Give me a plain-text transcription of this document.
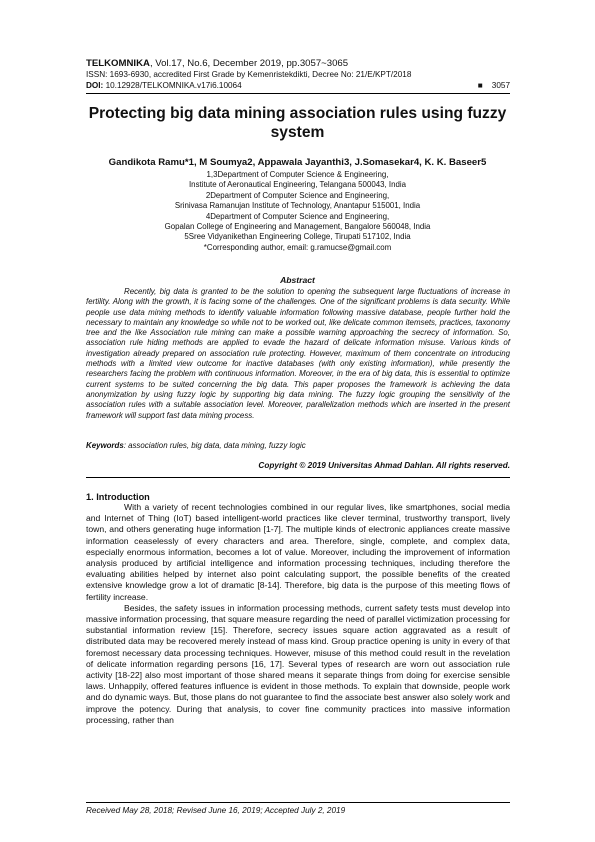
TELKOMNIKA, Vol.17, No.6, December 2019, pp.3057~3065
ISSN: 1693-6930, accredited First Grade by Kemenristekdikti, Decree No: 21/E/KPT/2018
DOI: 10.12928/TELKOMNIKA.v17i6.10064	■ 3057
Protecting big data mining association rules using fuzzy system
Gandikota Ramu*1, M Soumya2, Appawala Jayanthi3, J.Somasekar4, K. K. Baseer5
1,3Department of Computer Science & Engineering,
Institute of Aeronautical Engineering, Telangana 500043, India
2Department of Computer Science and Engineering,
Srinivasa Ramanujan Institute of Technology, Anantapur 515001, India
4Department of Computer Science and Engineering,
Gopalan College of Engineering and Management, Bangalore 560048, India
5Sree Vidyanikethan Engineering College, Tirupati 517102, India
*Corresponding author, email: g.ramucse@gmail.com
Abstract
Recently, big data is granted to be the solution to opening the subsequent large fluctuations of increase in fertility. Along with the growth, it is facing some of the challenges. One of the significant problems is data security. While people use data mining methods to identify valuable information following massive database, people further hold the necessary to maintain any knowledge so while not to be worked out, like delicate common itemsets, practices, taxonomy tree and the like Association rule mining can make a possible warning approaching the secrecy of information. So, association rule hiding methods are applied to evade the hazard of delicate information misuse. Various kinds of investigation already prepared on association rule protecting. However, maximum of them concentrate on introducing methods with a limited view outcome for inactive databases (with only existing information), while presently the researchers facing the problem with continuous information. Moreover, in the era of big data, this is essential to optimize current systems to be suited concerning the big data. This paper proposes the framework is achieving the data anonymization by using fuzzy logic by supporting big data mining. The fuzzy logic grouping the sensitivity of the association rules with a suitable association level. Moreover, parallelization methods which are inserted in the present framework will support fast data mining process.
Keywords: association rules, big data, data mining, fuzzy logic
Copyright © 2019 Universitas Ahmad Dahlan. All rights reserved.
1. Introduction

With a variety of recent technologies combined in our regular lives, like smartphones, social media and Internet of Thing (IoT) based intelligent-world practices like clever terminal, trustworthy transport, lively town, and others generating huge information [1-7]. The multiple kinds of electronic appliances create massive information ceaselessly of every characters and area. Therefore, single, complete, and complex data, especially enormous information, becomes a lot of value. Moreover, including the improvement of information analysis produced by artificial intelligence and information processing techniques, including therefore the evaluating abilities helped by internet also point calculating support, the possible benefits of the created extensive knowledge grow a lot of dramatic [8-14]. Therefore, big data is the purpose of this meeting flows of fertility increase.

Besides, the safety issues in information processing methods, current safety tests must develop into massive information processing, that square measure regarding the need of parallel victimization processing for substantial information review [15]. Therefore, secrecy issues square action aggravated as a result of distributed data may be recovered merely instead of mass kind. Group practice opening is unity in every of that foremost necessary data processing techniques. However, misuse of this method could result in the revelation of delicate information regarding persons [16, 17]. Several types of research are worn out association rule activity [18-22] also most important of those shared means it separate things from doing for exercise sensible laws. Unhappily, offered features influence is evident in those methods. To explain that downside, people work and do dynamic ways. But, those plans do not guarantee to find the associate best answer also solely work and improve the potency. During that analysis, to cover fine community practices into massive information processing, rather than

Received May 28, 2018; Revised June 16, 2019; Accepted July 2, 2019
